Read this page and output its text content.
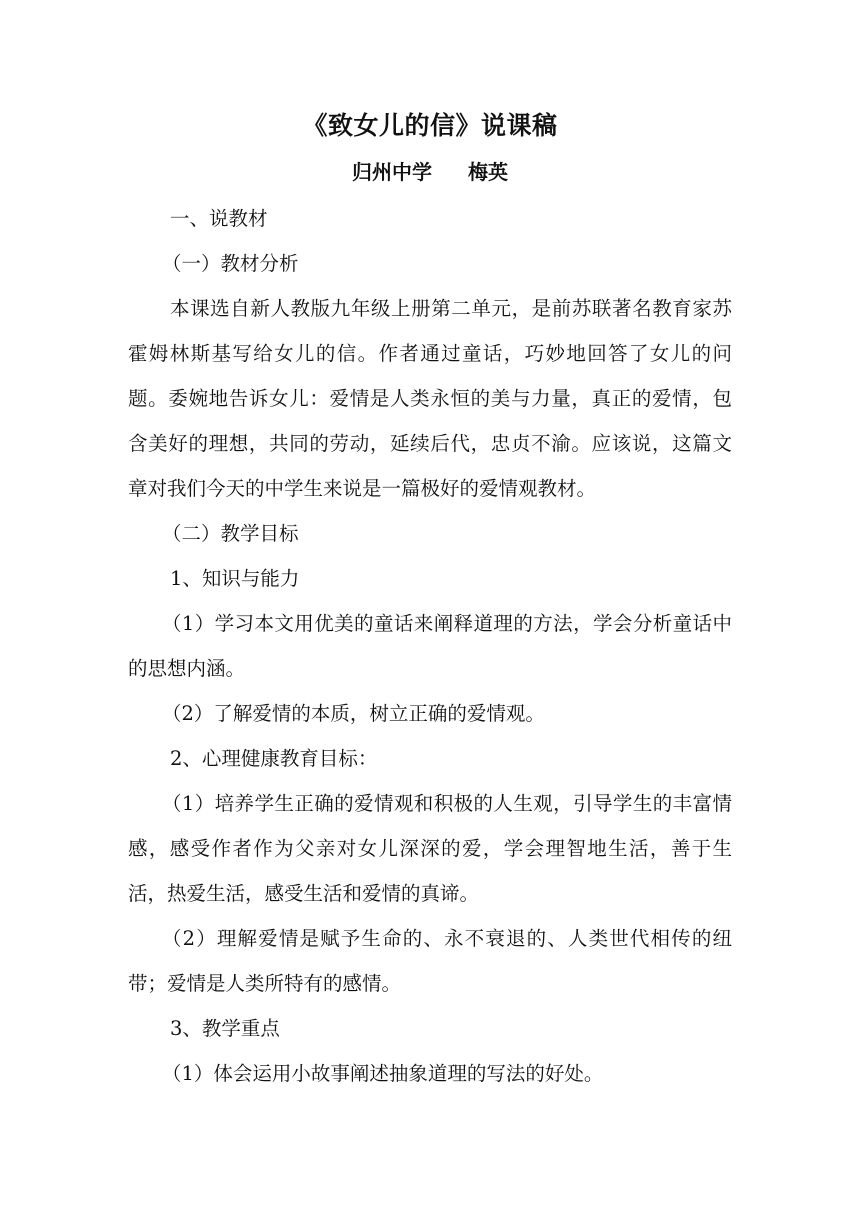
《致女儿的信》说课稿
归州中学 梅英

一、说教材

（一）教材分析

本课选自新人教版九年级上册第二单元，是前苏联著名教育家苏霍姆林斯基写给女儿的信。作者通过童话，巧妙地回答了女儿的问题。委婉地告诉女儿：爱情是人类永恒的美与力量，真正的爱情，包含美好的理想，共同的劳动，延续后代，忠贞不渝。应该说，这篇文章对我们今天的中学生来说是一篇极好的爱情观教材。

（二）教学目标

1、知识与能力

（1）学习本文用优美的童话来阐释道理的方法，学会分析童话中的思想内涵。

（2）了解爱情的本质，树立正确的爱情观。

2、心理健康教育目标：

（1）培养学生正确的爱情观和积极的人生观，引导学生的丰富情感，感受作者作为父亲对女儿深深的爱，学会理智地生活，善于生活，热爱生活，感受生活和爱情的真谛。

（2）理解爱情是赋予生命的、永不衰退的、人类世代相传的纽带；爱情是人类所特有的感情。

3、教学重点

（1）体会运用小故事阐述抽象道理的写法的好处。
